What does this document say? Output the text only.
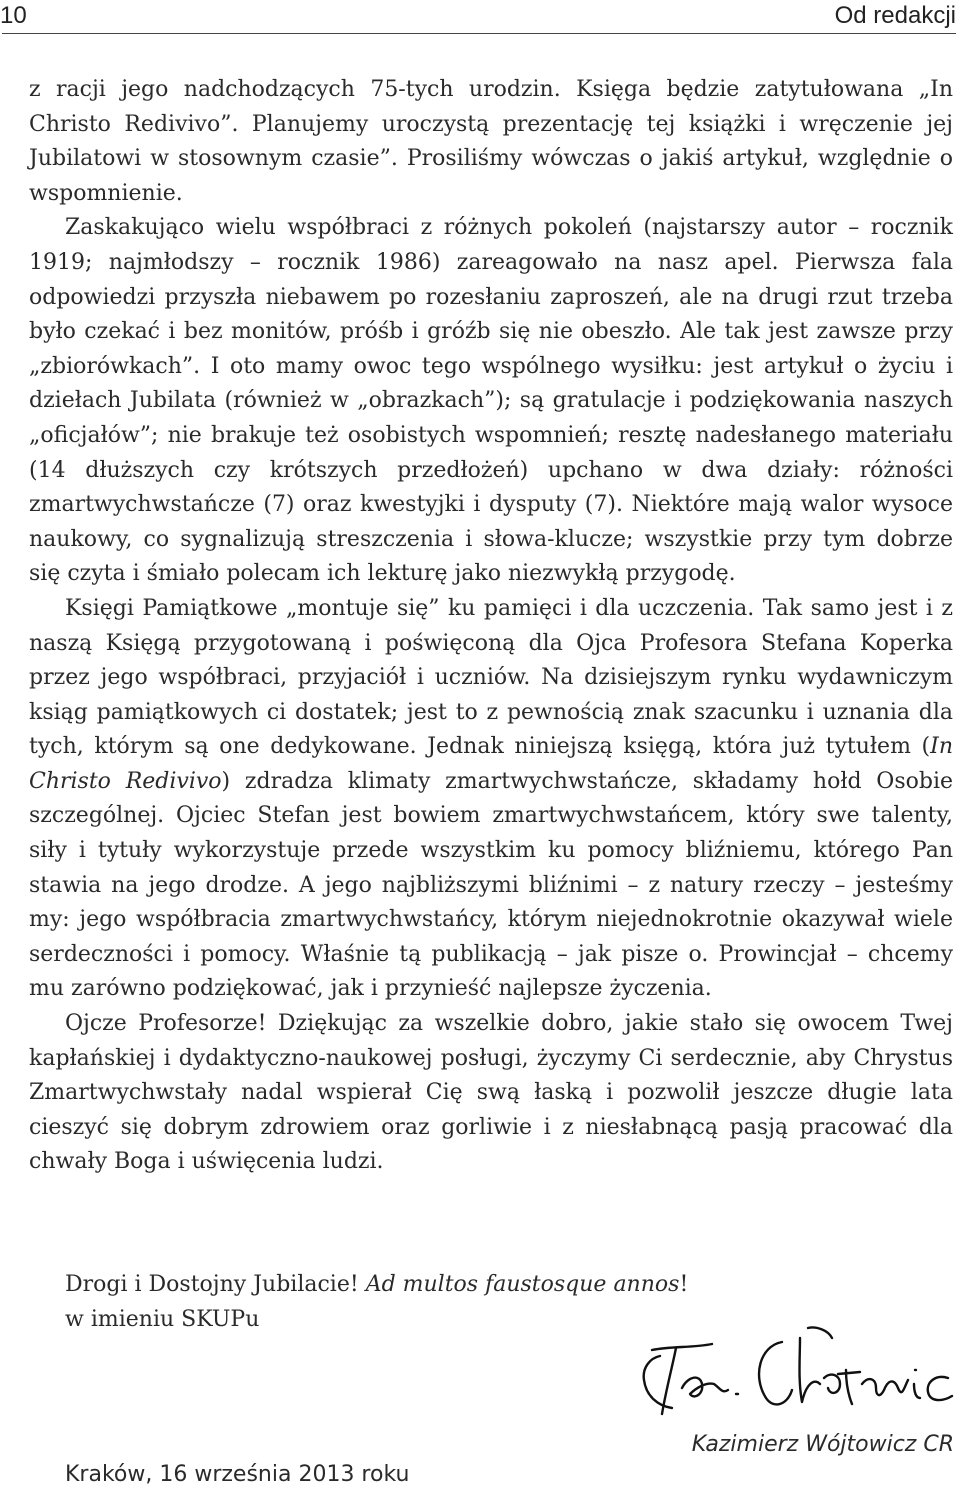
10	Od redakcji

z racji jego nadchodzących 75-tych urodzin. Księga będzie zatytułowana „In Christo Redivivo”. Planujemy uroczystą prezentację tej książki i wręczenie jej Jubilatowi w stosownym czasie”. Prosiliśmy wówczas o jakiś artykuł, względnie o wspomnienie.

Zaskakująco wielu współbraci z różnych pokoleń (najstarszy autor – rocznik 1919; najmłodszy – rocznik 1986) zareagowało na nasz apel. Pierwsza fala odpowiedzi przyszła niebawem po rozesłaniu zaproszeń, ale na drugi rzut trzeba było czekać i bez monitów, próśb i gróźb się nie obeszło. Ale tak jest zawsze przy „zbiorówkach”. I oto mamy owoc tego wspólnego wysiłku: jest artykuł o życiu i dziełach Jubilata (również w „obrazkach”); są gratulacje i podziękowania naszych „oficjałów”; nie brakuje też osobistych wspomnień; resztę nadesłanego materiału (14 dłuższych czy krótszych przedłożeń) upchano w dwa działy: różności zmartwychwstańcze (7) oraz kwestyjki i dysputy (7). Niektóre mają walor wysoce naukowy, co sygnalizują streszczenia i słowa-klucze; wszystkie przy tym dobrze się czyta i śmiało polecam ich lekturę jako niezwykłą przygodę.

Księgi Pamiątkowe „montuje się” ku pamięci i dla uczczenia. Tak samo jest i z naszą Księgą przygotowaną i poświęconą dla Ojca Profesora Stefana Koperka przez jego współbraci, przyjaciół i uczniów. Na dzisiejszym rynku wydawniczym ksiąg pamiątkowych ci dostatek; jest to z pewnością znak szacunku i uznania dla tych, którym są one dedykowane. Jednak niniejszą księgą, która już tytułem (In Christo Redivivo) zdradza klimaty zmartwychwstańcze, składamy hołd Osobie szczególnej. Ojciec Stefan jest bowiem zmartwychwstańcem, który swe talenty, siły i tytuły wykorzystuje przede wszystkim ku pomocy bliźniemu, którego Pan stawia na jego drodze. A jego najbliższymi bliźnimi – z natury rzeczy – jesteśmy my: jego współbracia zmartwychwstańcy, którym niejednokrotnie okazywał wiele serdeczności i pomocy. Właśnie tą publikacją – jak pisze o. Prowincjał – chcemy mu zarówno podziękować, jak i przynieść najlepsze życzenia.

Ojcze Profesorze! Dziękując za wszelkie dobro, jakie stało się owocem Twej kapłańskiej i dydaktyczno-naukowej posługi, życzymy Ci serdecznie, aby Chrystus Zmartwychwstały nadal wspierał Cię swą łaską i pozwolił jeszcze długie lata cieszyć się dobrym zdrowiem oraz gorliwie i z niesłabnącą pasją pracować dla chwały Boga i uświęcenia ludzi.

Drogi i Dostojny Jubilacie! Ad multos faustosque annos!
w imieniu SKUPu
Kazimierz Wójtowicz CR
Kraków, 16 września 2013 roku
